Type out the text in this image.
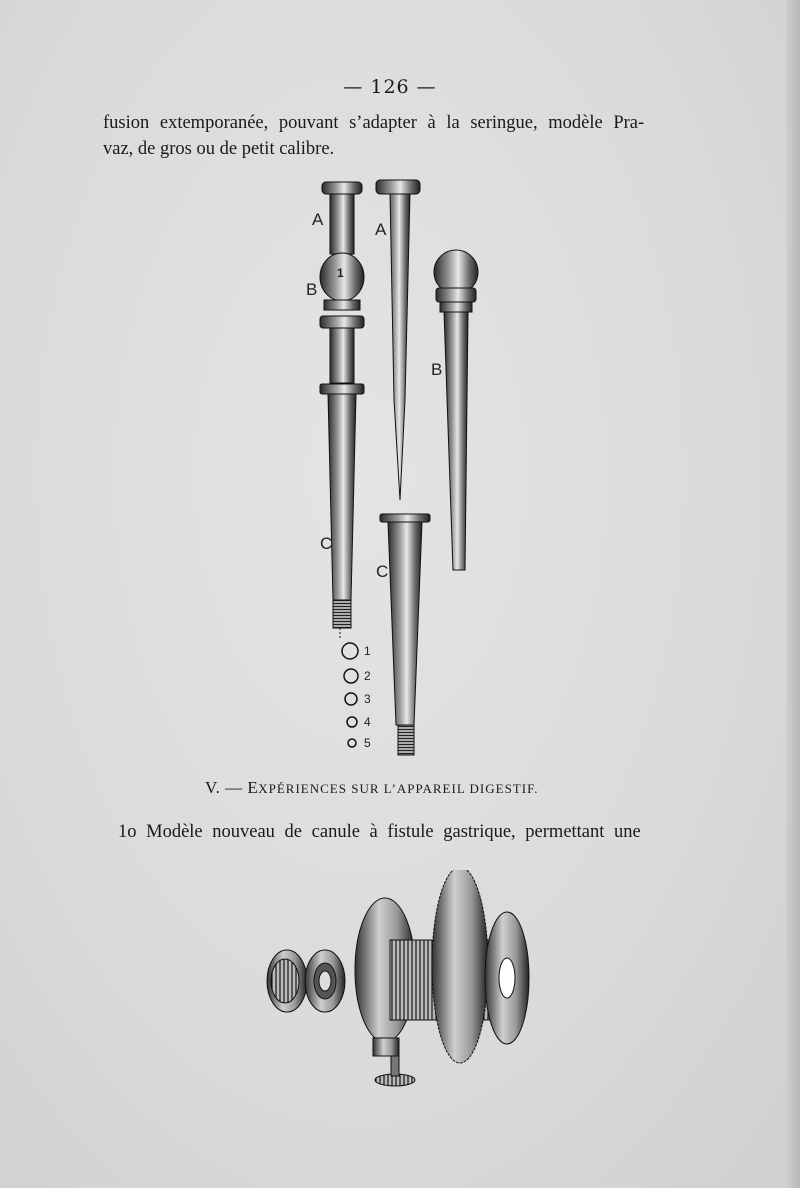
— 126 —
fusion extemporanée, pouvant s’adapter à la seringue, modèle Pra-
vaz, de gros ou de petit calibre.
A
A
B
B
C
C
1
1
2
3
4
5
V. — EXPÉRIENCES SUR L’APPAREIL DIGESTIF.
1o Modèle nouveau de canule à fistule gastrique, permettant une
